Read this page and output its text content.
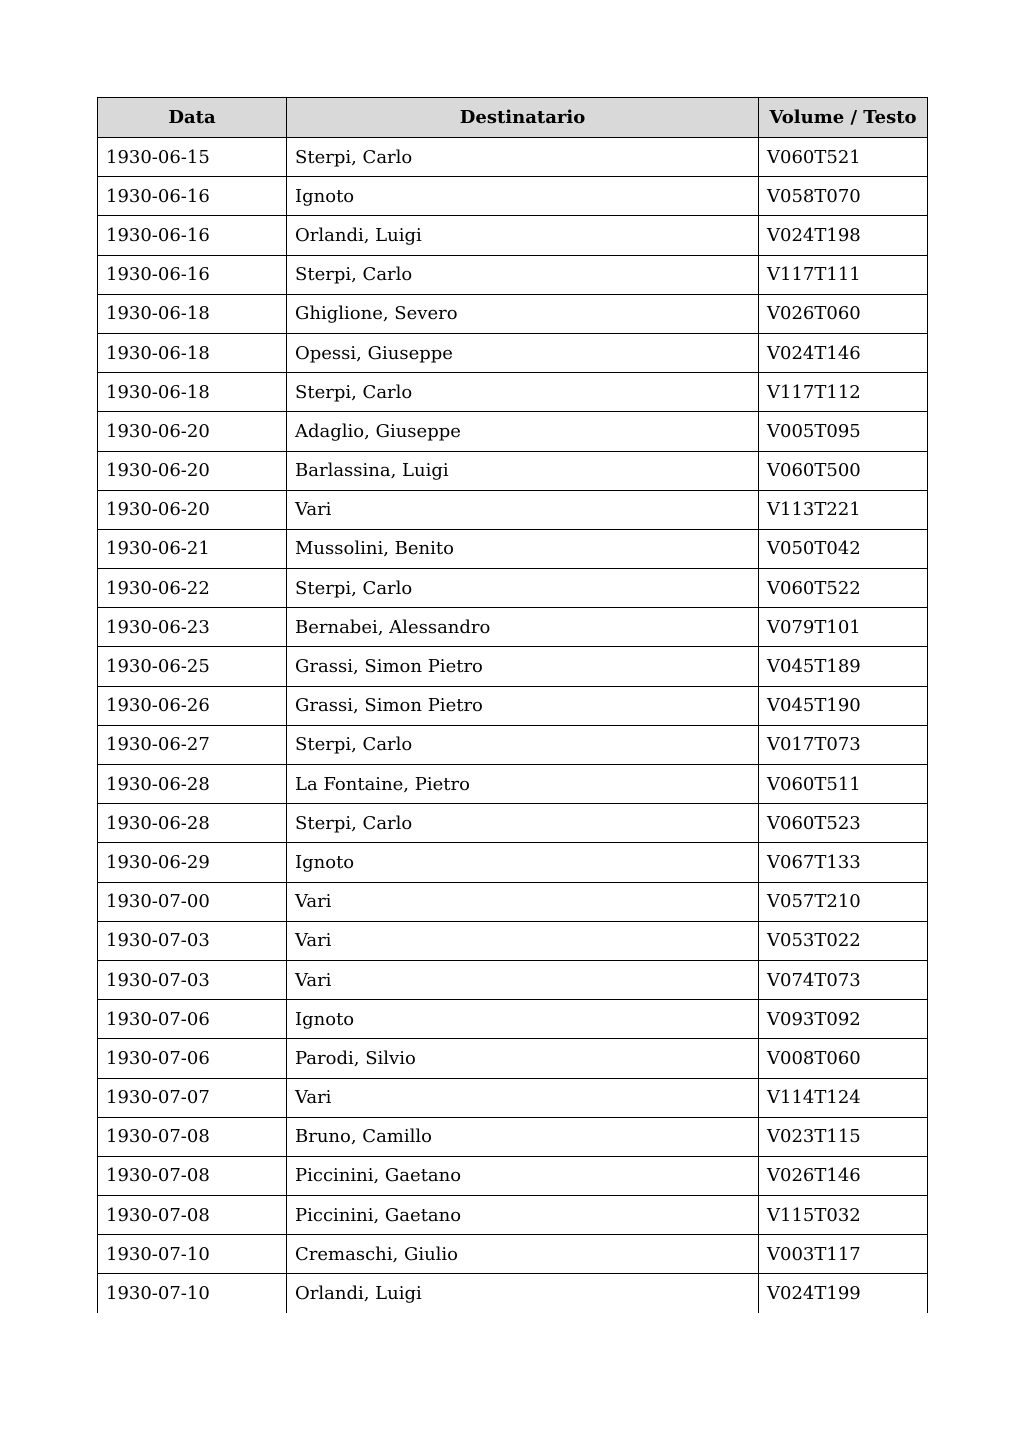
Data	Destinatario	Volume / Testo
1930-06-15	Sterpi, Carlo	V060T521
1930-06-16	Ignoto	V058T070
1930-06-16	Orlandi, Luigi	V024T198
1930-06-16	Sterpi, Carlo	V117T111
1930-06-18	Ghiglione, Severo	V026T060
1930-06-18	Opessi, Giuseppe	V024T146
1930-06-18	Sterpi, Carlo	V117T112
1930-06-20	Adaglio, Giuseppe	V005T095
1930-06-20	Barlassina, Luigi	V060T500
1930-06-20	Vari	V113T221
1930-06-21	Mussolini, Benito	V050T042
1930-06-22	Sterpi, Carlo	V060T522
1930-06-23	Bernabei, Alessandro	V079T101
1930-06-25	Grassi, Simon Pietro	V045T189
1930-06-26	Grassi, Simon Pietro	V045T190
1930-06-27	Sterpi, Carlo	V017T073
1930-06-28	La Fontaine, Pietro	V060T511
1930-06-28	Sterpi, Carlo	V060T523
1930-06-29	Ignoto	V067T133
1930-07-00	Vari	V057T210
1930-07-03	Vari	V053T022
1930-07-03	Vari	V074T073
1930-07-06	Ignoto	V093T092
1930-07-06	Parodi, Silvio	V008T060
1930-07-07	Vari	V114T124
1930-07-08	Bruno, Camillo	V023T115
1930-07-08	Piccinini, Gaetano	V026T146
1930-07-08	Piccinini, Gaetano	V115T032
1930-07-10	Cremaschi, Giulio	V003T117
1930-07-10	Orlandi, Luigi	V024T199
